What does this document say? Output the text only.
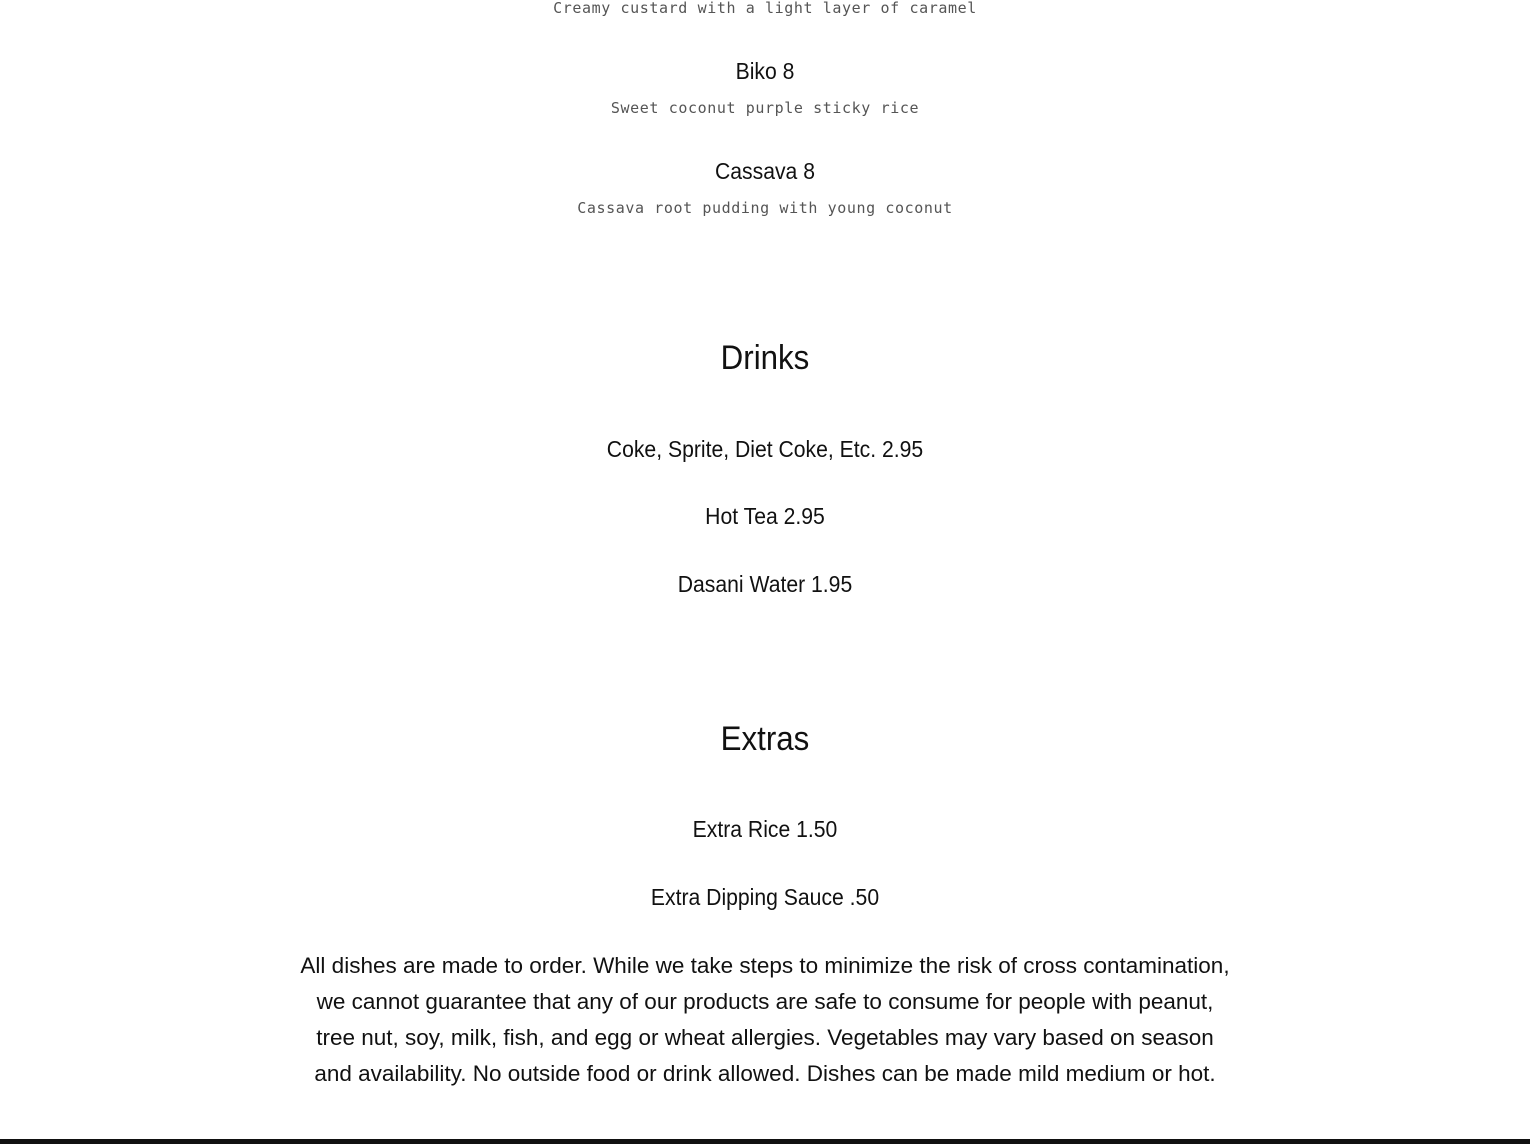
Creamy custard with a light layer of caramel
Biko 8
Sweet coconut purple sticky rice
Cassava 8
Cassava root pudding with young coconut
Drinks
Coke, Sprite, Diet Coke, Etc. 2.95
Hot Tea 2.95
Dasani Water 1.95
Extras
Extra Rice 1.50
Extra Dipping Sauce .50
All dishes are made to order. While we take steps to minimize the risk of cross contamination, we cannot guarantee that any of our products are safe to consume for people with peanut, tree nut, soy, milk, fish, and egg or wheat allergies. Vegetables may vary based on season and availability. No outside food or drink allowed. Dishes can be made mild medium or hot.
